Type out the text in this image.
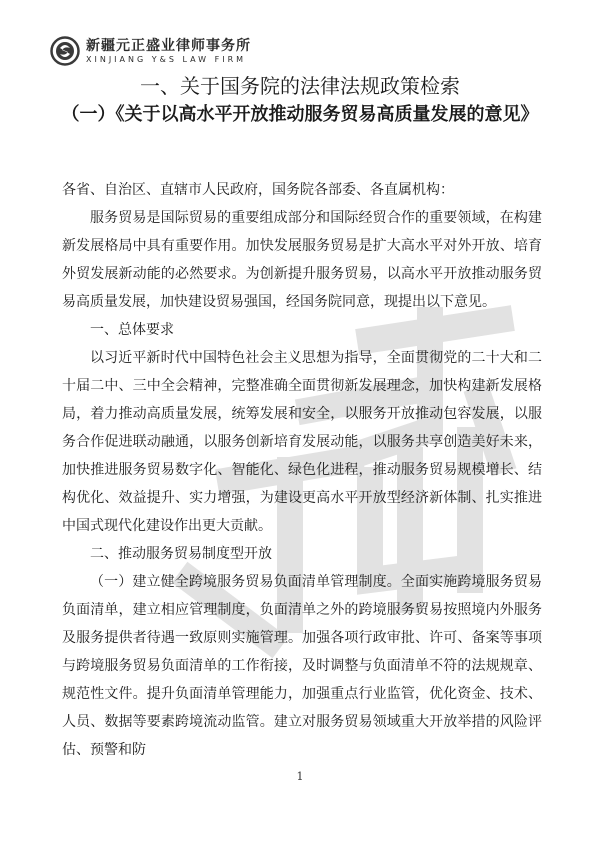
新疆元正盛业律师事务所
XINJIANG Y&S LAW FIRM
一、关于国务院的法律法规政策检索
（一）《关于以高水平开放推动服务贸易高质量发展的意见》

各省、自治区、直辖市人民政府，国务院各部委、各直属机构：

服务贸易是国际贸易的重要组成部分和国际经贸合作的重要领域，在构建新发展格局中具有重要作用。加快发展服务贸易是扩大高水平对外开放、培育外贸发展新动能的必然要求。为创新提升服务贸易，以高水平开放推动服务贸易高质量发展，加快建设贸易强国，经国务院同意，现提出以下意见。

一、总体要求

以习近平新时代中国特色社会主义思想为指导，全面贯彻党的二十大和二十届二中、三中全会精神，完整准确全面贯彻新发展理念，加快构建新发展格局，着力推动高质量发展，统筹发展和安全，以服务开放推动包容发展，以服务合作促进联动融通，以服务创新培育发展动能，以服务共享创造美好未来，加快推进服务贸易数字化、智能化、绿色化进程，推动服务贸易规模增长、结构优化、效益提升、实力增强，为建设更高水平开放型经济新体制、扎实推进中国式现代化建设作出更大贡献。

二、推动服务贸易制度型开放

（一）建立健全跨境服务贸易负面清单管理制度。全面实施跨境服务贸易负面清单，建立相应管理制度，负面清单之外的跨境服务贸易按照境内外服务及服务提供者待遇一致原则实施管理。加强各项行政审批、许可、备案等事项与跨境服务贸易负面清单的工作衔接，及时调整与负面清单不符的法规规章、规范性文件。提升负面清单管理能力，加强重点行业监管，优化资金、技术、人员、数据等要素跨境流动监管。建立对服务贸易领域重大开放举措的风险评估、预警和防

1
